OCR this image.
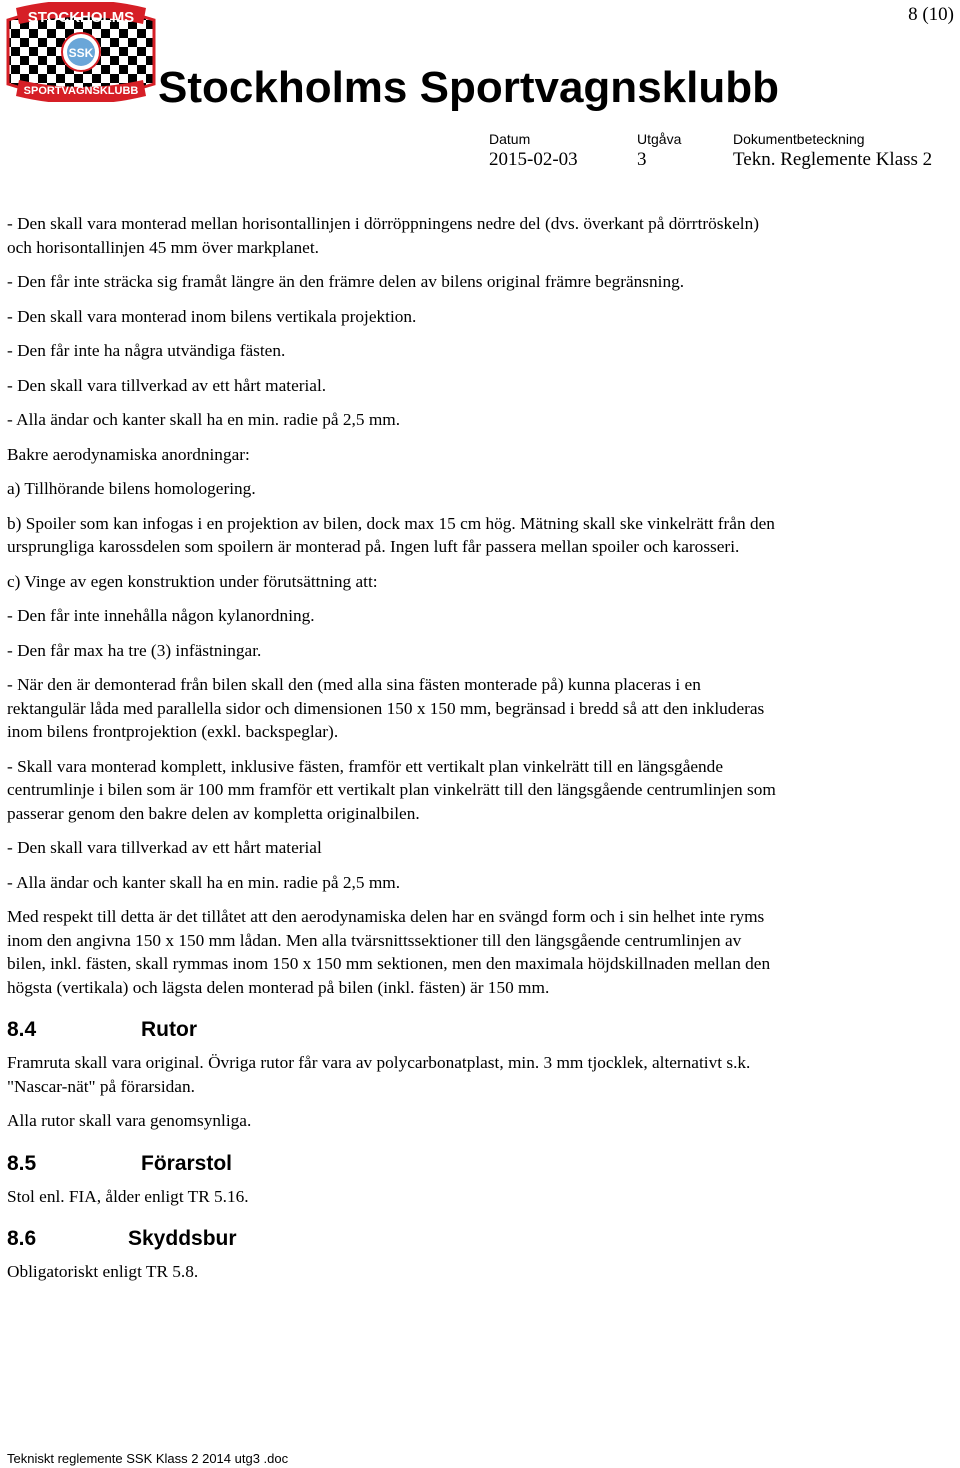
STOCKHOLMS
SPORTVAGNSKLUBB
SSK
8 (10)
Stockholms Sportvagnsklubb
Datum
2015-02-03
Utgåva
3
Dokumentbeteckning
Tekn. Reglemente Klass 2

- Den skall vara monterad mellan horisontallinjen i dörröppningens nedre del (dvs. överkant på dörrtröskeln) och horisontallinjen 45 mm över markplanet.

- Den får inte sträcka sig framåt längre än den främre delen av bilens original främre begränsning.

- Den skall vara monterad inom bilens vertikala projektion.

- Den får inte ha några utvändiga fästen.

- Den skall vara tillverkad av ett hårt material.

- Alla ändar och kanter skall ha en min. radie på 2,5 mm.

Bakre aerodynamiska anordningar:

a) Tillhörande bilens homologering.

b) Spoiler som kan infogas i en projektion av bilen, dock max 15 cm hög. Mätning skall ske vinkelrätt från den ursprungliga karossdelen som spoilern är monterad på. Ingen luft får passera mellan spoiler och karosseri.

c) Vinge av egen konstruktion under förutsättning att:

- Den får inte innehålla någon kylanordning.

- Den får max ha tre (3) infästningar.

- När den är demonterad från bilen skall den (med alla sina fästen monterade på) kunna placeras i en rektangulär låda med parallella sidor och dimensionen 150 x 150 mm, begränsad i bredd så att den inkluderas inom bilens frontprojektion (exkl. backspeglar).

- Skall vara monterad komplett, inklusive fästen, framför ett vertikalt plan vinkelrätt till en längsgående centrumlinje i bilen som är 100 mm framför ett vertikalt plan vinkelrätt till den längsgående centrumlinjen som passerar genom den bakre delen av kompletta originalbilen.

- Den skall vara tillverkad av ett hårt material

- Alla ändar och kanter skall ha en min. radie på 2,5 mm.

Med respekt till detta är det tillåtet att den aerodynamiska delen har en svängd form och i sin helhet inte ryms inom den angivna 150 x 150 mm lådan. Men alla tvärsnittssektioner till den längsgående centrumlinjen av bilen, inkl. fästen, skall rymmas inom 150 x 150 mm sektionen, men den maximala höjdskillnaden mellan den högsta (vertikala) och lägsta delen monterad på bilen (inkl. fästen) är 150 mm.

8.4	Rutor

Framruta skall vara original. Övriga rutor får vara av polycarbonatplast, min. 3 mm tjocklek, alternativt s.k. "Nascar-nät" på förarsidan.

Alla rutor skall vara genomsynliga.

8.5	Förarstol

Stol enl. FIA, ålder enligt TR 5.16.

8.6	Skyddsbur

Obligatoriskt enligt TR 5.8.

Tekniskt reglemente SSK Klass 2 2014 utg3 .doc
